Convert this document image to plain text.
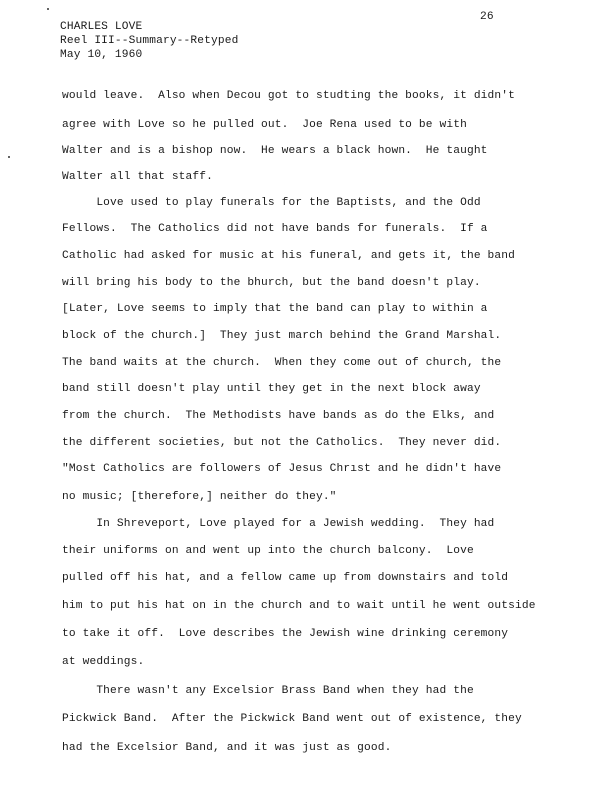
26
CHARLES LOVE
Reel III--Summary--Retyped
May 10, 1960
would leave.  Also when Decou got to studting the books, it didn't
agree with Love so he pulled out.  Joe Rena used to be with
Walter and is a bishop now.  He wears a black hown.  He taught
Walter all that staff.
Love used to play funerals for the Baptists, and the Odd
Fellows.  The Catholics did not have bands for funerals.  If a
Catholic had asked for music at his funeral, and gets it, the band
will bring his body to the bhurch, but the band doesn't play.
[Later, Love seems to imply that the band can play to within a
block of the church.]  They just march behind the Grand Marshal.
The band waits at the church.  When they come out of church, the
band still doesn't play until they get in the next block away
from the church.  The Methodists have bands as do the Elks, and
the different societies, but not the Catholics.  They never did.
"Most Catholics are followers of Jesus Chrıst and he didn't have
no music; [therefore,] neither do they."
In Shreveport, Love played for a Jewish wedding.  They had
their uniforms on and went up into the church balcony.  Love
pulled off his hat, and a fellow came up from downstairs and told
him to put his hat on in the church and to wait until he went outside
to take it off.  Love describes the Jewish wine drinking ceremony
at weddings.
There wasn't any Excelsior Brass Band when they had the
Pickwick Band.  After the Pickwick Band went out of existence, they
had the Excelsior Band, and it was just as good.
